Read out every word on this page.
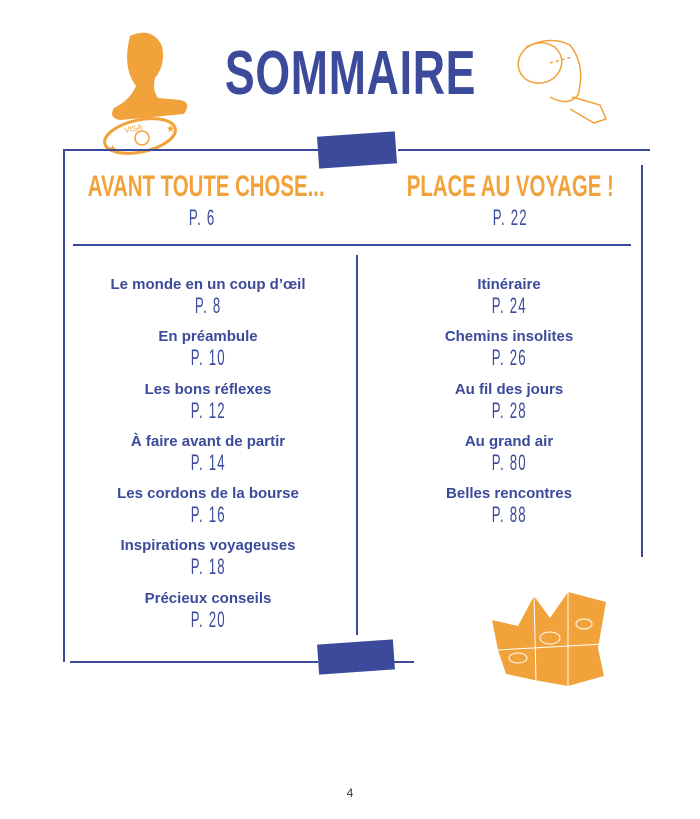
SOMMAIRE
VISA ★
AVANT TOUTE CHOSE...
P. 6
PLACE AU VOYAGE !
P. 22
Le monde en un coup d’œil
P. 8
En préambule
P. 10
Les bons réflexes
P. 12
À faire avant de partir
P. 14
Les cordons de la bourse
P. 16
Inspirations voyageuses
P. 18
Précieux conseils
P. 20
Itinéraire
P. 24
Chemins insolites
P. 26
Au fil des jours
P. 28
Au grand air
P. 80
Belles rencontres
P. 88
4
